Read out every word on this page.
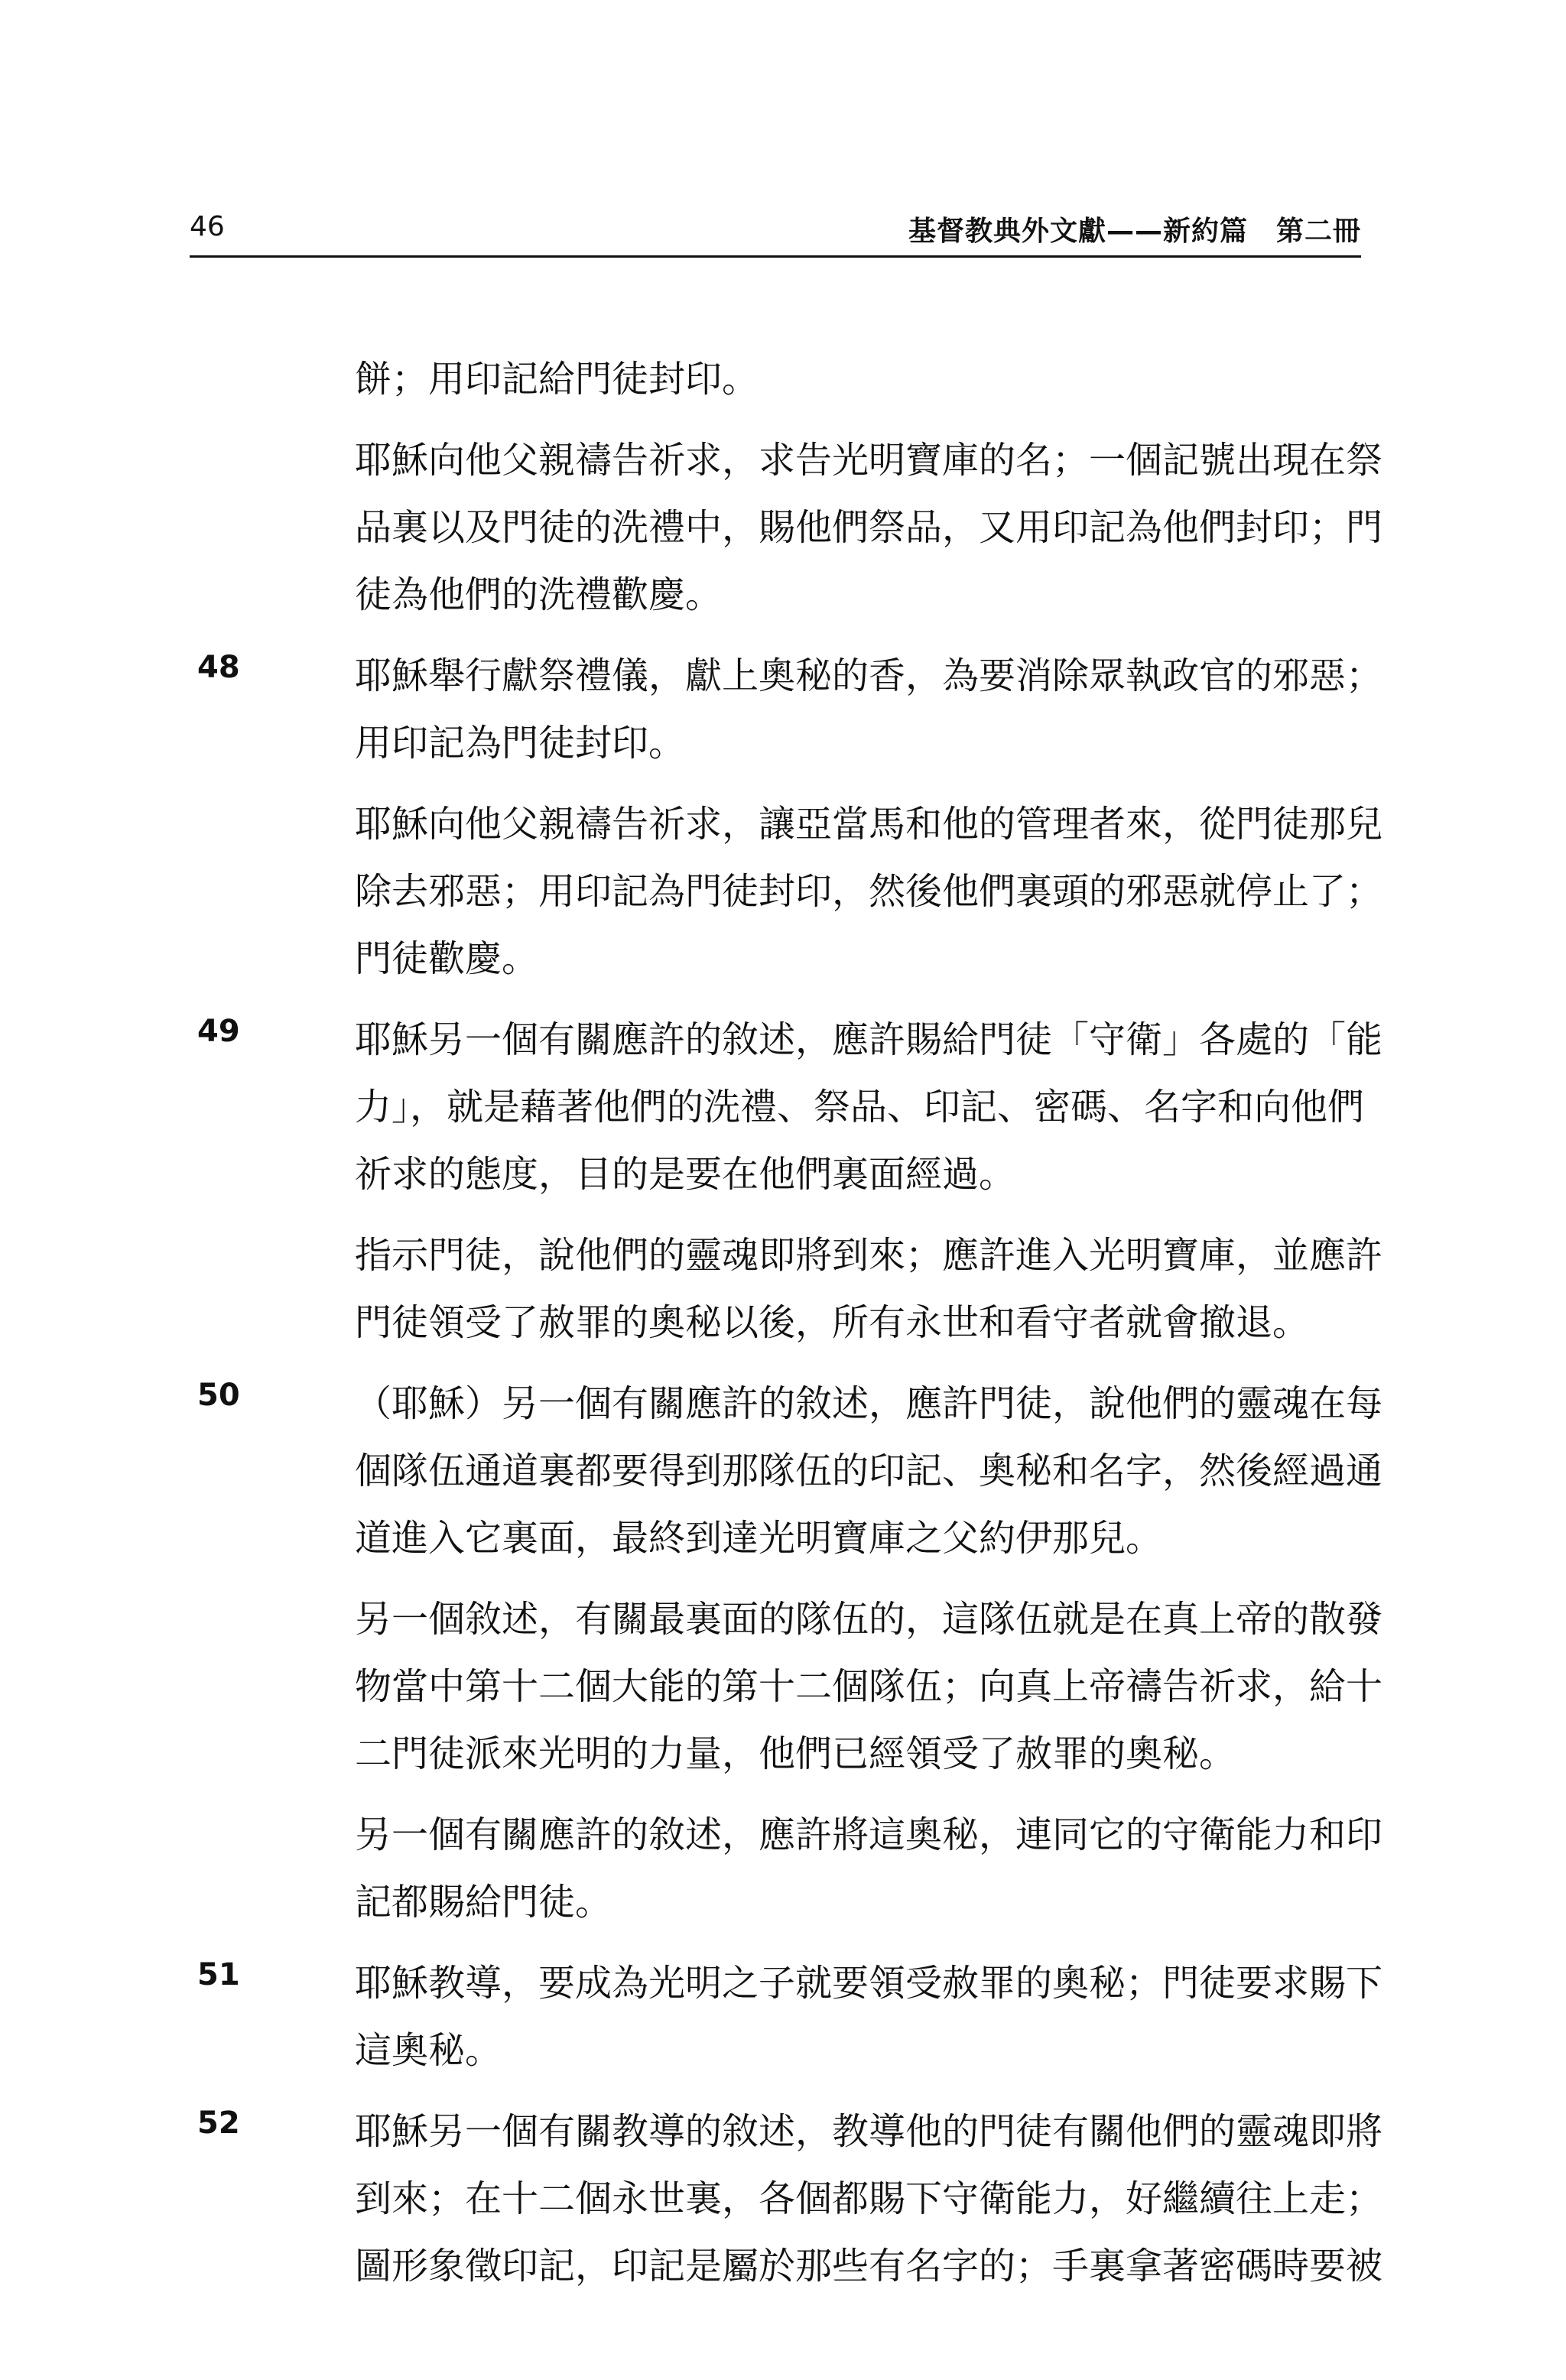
46	基督教典外文獻——新約篇　第二冊
餅；用印記給門徒封印。
耶穌向他父親禱告祈求，求告光明寶庫的名；一個記號出現在祭
品裏以及門徒的洗禮中，賜他們祭品，又用印記為他們封印；門
徒為他們的洗禮歡慶。
48	耶穌舉行獻祭禮儀，獻上奧秘的香，為要消除眾執政官的邪惡；
用印記為門徒封印。
耶穌向他父親禱告祈求，讓亞當馬和他的管理者來，從門徒那兒
除去邪惡；用印記為門徒封印，然後他們裏頭的邪惡就停止了；
門徒歡慶。
49	耶穌另一個有關應許的敘述，應許賜給門徒「守衛」各處的「能
力」，就是藉著他們的洗禮、祭品、印記、密碼、名字和向他們
祈求的態度，目的是要在他們裏面經過。
指示門徒，說他們的靈魂即將到來；應許進入光明寶庫，並應許
門徒領受了赦罪的奧秘以後，所有永世和看守者就會撤退。
50	（耶穌）另一個有關應許的敘述，應許門徒，說他們的靈魂在每
個隊伍通道裏都要得到那隊伍的印記、奧秘和名字，然後經過通
道進入它裏面，最終到達光明寶庫之父約伊那兒。
另一個敘述，有關最裏面的隊伍的，這隊伍就是在真上帝的散發
物當中第十二個大能的第十二個隊伍；向真上帝禱告祈求，給十
二門徒派來光明的力量，他們已經領受了赦罪的奧秘。
另一個有關應許的敘述，應許將這奧秘，連同它的守衛能力和印
記都賜給門徒。
51	耶穌教導，要成為光明之子就要領受赦罪的奧秘；門徒要求賜下
這奧秘。
52	耶穌另一個有關教導的敘述，教導他的門徒有關他們的靈魂即將
到來；在十二個永世裏，各個都賜下守衛能力，好繼續往上走；
圖形象徵印記，印記是屬於那些有名字的；手裏拿著密碼時要被
